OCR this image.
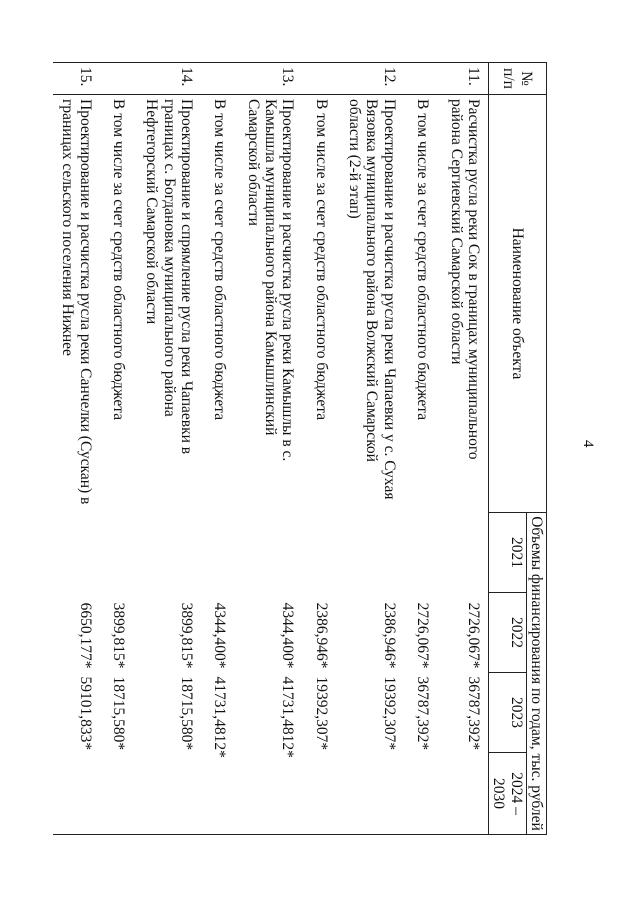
4
№ п/п	Наименование объекта	Объемы финансирования по годам, тыс. рублей			
		2021	2022	2023	2024 – 2030
11.	Расчистка русла реки Сок в границах муниципального района Сергиевский Самарской области		2726,067*	36787,392*	
	В том числе за счет средств областного бюджета		2726,067*	36787,392*	
12.	Проектирование и расчистка русла реки Чапаевки у с. Сухая Вязовка муниципального района Волжский Самарской области (2-й этап)		2386,946*	19392,307*	
	В том числе за счет средств областного бюджета		2386,946*	19392,307*	
13.	Проектирование и расчистка русла реки Камышлы в с. Камышла муниципального района Камышлинский Самарской области		4344,400*	41731,4812*	
	В том числе за счет средств областного бюджета		4344,400*	41731,4812*	
14.	Проектирование и спрямление русла реки Чапаевки в границах с. Богдановка муниципального района Нефтегорский Самарской области		3899,815*	18715,580*	
	В том числе за счет средств областного бюджета		3899,815*	18715,580*	
15.	Проектирование и расчистка русла реки Санчелки (Сускан) в границах сельского поселения Нижнее		6650,177*	59101,833*	
